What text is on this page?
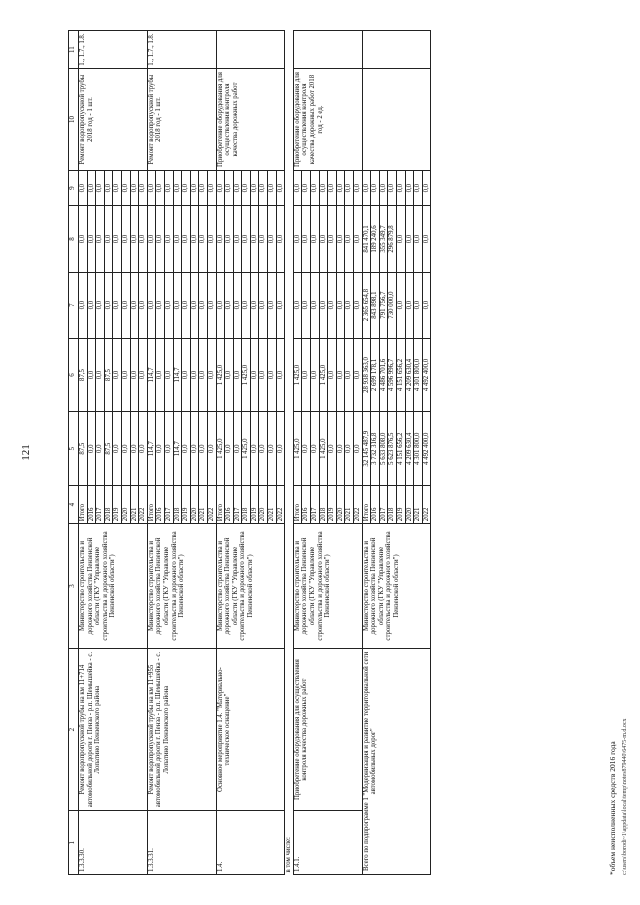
121
1	2	3	4	5	6	7	8	9	10	11
1.3.3.30.	Ремонт водопропускной трубы на км 11+714 автомобильной дороги г. Пенза - р.п. Шемышейка - с. Лопатино Пензенского района	Министерство строительства и дорожного хозяйства Пензенской области (ГКУ "Управление строительства и дорожного хозяйства Пензенской области")	Итого	87,5	87,5	0,0	0,0	0,0	Ремонт водопропускной трубы 2018 год - 1 шт.	1., 1.7., 1.8.
			2016	0,0	0,0	0,0	0,0	0,0		
			2017	0,0	0,0	0,0	0,0	0,0		
			2018	87,5	87,5	0,0	0,0	0,0		
			2019	0,0	0,0	0,0	0,0	0,0		
			2020	0,0	0,0	0,0	0,0	0,0		
			2021	0,0	0,0	0,0	0,0	0,0		
			2022	0,0	0,0	0,0	0,0	0,0		
1.3.3.31.	Ремонт водопропускной трубы на км 11+955 автомобильной дороги г. Пенза - р.п. Шемышейка - с. Лопатино Пензенского района	Министерство строительства и дорожного хозяйства Пензенской области (ГКУ "Управление строительства и дорожного хозяйства Пензенской области")	Итого	114,7	114,7	0,0	0,0	0,0	Ремонт водопропускной трубы 2018 год - 1 шт.	1., 1.7., 1.8.
			2016	0,0	0,0	0,0	0,0	0,0		
			2017	0,0	0,0	0,0	0,0	0,0		
			2018	114,7	114,7	0,0	0,0	0,0		
			2019	0,0	0,0	0,0	0,0	0,0		
			2020	0,0	0,0	0,0	0,0	0,0		
			2021	0,0	0,0	0,0	0,0	0,0		
			2022	0,0	0,0	0,0	0,0	0,0		
1.4.	Основное мероприятие 1.4. "Материально-техническое оснащение"	Министерство строительства и дорожного хозяйства Пензенской области (ГКУ "Управление строительства и дорожного хозяйства Пензенской области")	Итого	1 425,0	1 425,0	0,0	0,0	0,0	Приобретение оборудования для осуществления контроля качества дорожных работ	
			2016	0,0	0,0	0,0	0,0	0,0		
			2017	0,0	0,0	0,0	0,0	0,0		
			2018	1 425,0	1 425,0	0,0	0,0	0,0		
			2019	0,0	0,0	0,0	0,0	0,0		
			2020	0,0	0,0	0,0	0,0	0,0		
			2021	0,0	0,0	0,0	0,0	0,0		
			2022	0,0	0,0	0,0	0,0	0,0		
в том числе:										
1.4.1.	Приобретение оборудования для осуществления контроля качества дорожных работ	Министерство строительства и дорожного хозяйства Пензенской области (ГКУ "Управление строительства и дорожного хозяйства Пензенской области")	Итого	1 425,0	1 425,0	0,0	0,0	0,0	Приобретение оборудования для осуществления контроля качества дорожных работ 2018 год - 2 ед.	
			2016	0,0	0,0	0,0	0,0	0,0		
			2017	0,0	0,0	0,0	0,0	0,0		
			2018	1 425,0	1 425,0	0,0	0,0	0,0		
			2019	0,0	0,0	0,0	0,0	0,0		
			2020	0,0	0,0	0,0	0,0	0,0		
			2021	0,0	0,0	0,0	0,0	0,0		
			2022	0,0	0,0	0,0	0,0	0,0		
Всего по подпрограмме 1 "Модернизация и развитие территориальной сети автомобильных дорог"		Министерство строительства и дорожного хозяйства Пензенской области (ГКУ "Управление строительства и дорожного хозяйства Пензенской области")	Итого	32 145 487,9	28 938 363,0	2 365 654,8	841 470,1	0,0		
			2016	3 732 316,8	2 699 178,1	843 898,1	189 240,6	0,0		
			2017	5 633 808,0	4 486 701,6	791 756,7	355 349,7	0,0		
			2018	5 623 876,5	4 596 996,7	730 000,0	296 879,8	0,0		
			2019	4 151 656,2	4 151 656,2	0,0	0,0	0,0		
			2020	4 209 630,4	4 209 630,4	0,0	0,0	0,0		
			2021	4 301 800,0	4 301 800,0	0,0	0,0	0,0		
			2022	4 492 400,0	4 492 400,0	0,0	0,0	0,0		
*объем неисполненных средств 2016 года c:\users\borodi~1\appdata\local\temp\notes879440\6475-m.d.ocx
